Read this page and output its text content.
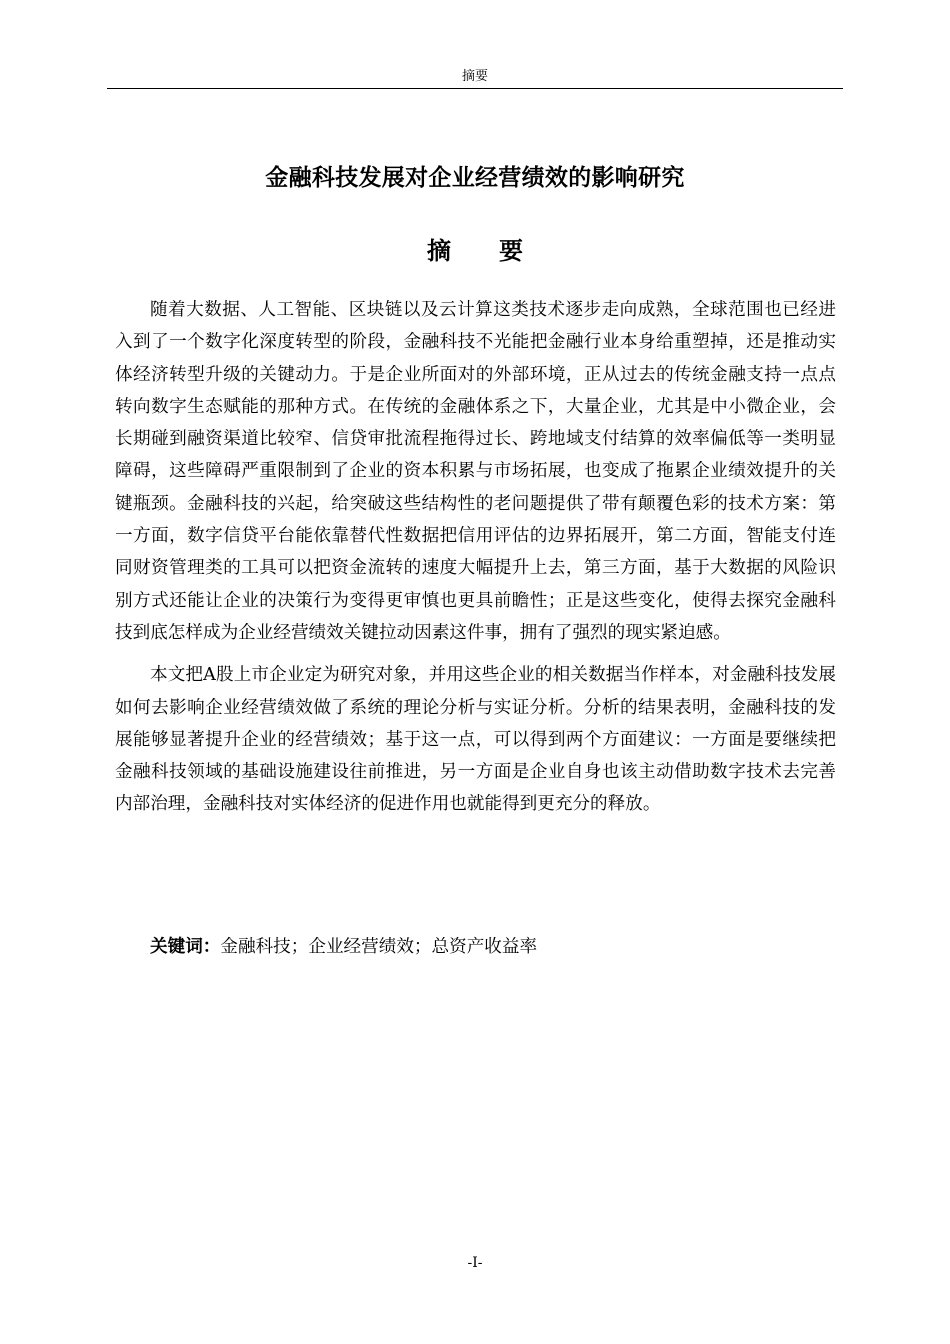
摘要
金融科技发展对企业经营绩效的影响研究
摘要

随着大数据、人工智能、区块链以及云计算这类技术逐步走向成熟，全球范围也已经进入到了一个数字化深度转型的阶段，金融科技不光能把金融行业本身给重塑掉，还是推动实体经济转型升级的关键动力。于是企业所面对的外部环境，正从过去的传统金融支持一点点转向数字生态赋能的那种方式。在传统的金融体系之下，大量企业，尤其是中小微企业，会长期碰到融资渠道比较窄、信贷审批流程拖得过长、跨地域支付结算的效率偏低等一类明显障碍，这些障碍严重限制到了企业的资本积累与市场拓展，也变成了拖累企业绩效提升的关键瓶颈。金融科技的兴起，给突破这些结构性的老问题提供了带有颠覆色彩的技术方案：第一方面，数字信贷平台能依靠替代性数据把信用评估的边界拓展开，第二方面，智能支付连同财资管理类的工具可以把资金流转的速度大幅提升上去，第三方面，基于大数据的风险识别方式还能让企业的决策行为变得更审慎也更具前瞻性；正是这些变化，使得去探究金融科技到底怎样成为企业经营绩效关键拉动因素这件事，拥有了强烈的现实紧迫感。

本文把A股上市企业定为研究对象，并用这些企业的相关数据当作样本，对金融科技发展如何去影响企业经营绩效做了系统的理论分析与实证分析。分析的结果表明，金融科技的发展能够显著提升企业的经营绩效；基于这一点，可以得到两个方面建议：一方面是要继续把金融科技领域的基础设施建设往前推进，另一方面是企业自身也该主动借助数字技术去完善内部治理，金融科技对实体经济的促进作用也就能得到更充分的释放。

关键词：金融科技；企业经营绩效；总资产收益率
-I-
